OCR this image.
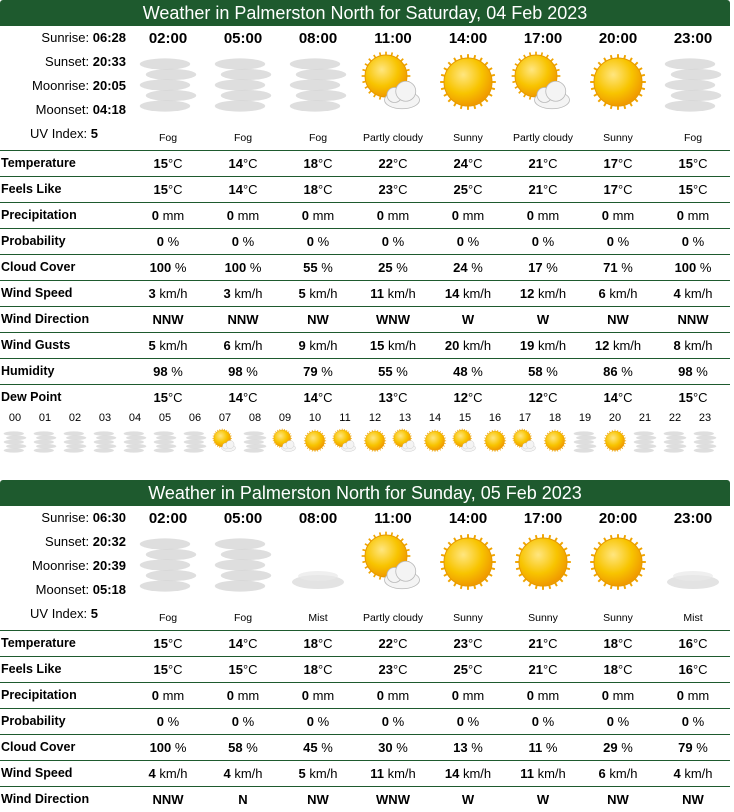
Weather in Palmerston North for Saturday, 04 Feb 2023
Sunrise: 06:28
Sunset: 20:33
Moonrise: 20:05
Moonset: 04:18
UV Index: 5
02:00
Fog
05:00
Fog
08:00
Fog
11:00
Partly cloudy
14:00
Sunny
17:00
Partly cloudy
20:00
Sunny
23:00
Fog
Temperature	15°C	14°C	18°C	22°C	24°C	21°C	17°C	15°C
Feels Like	15°C	14°C	18°C	23°C	25°C	21°C	17°C	15°C
Precipitation	0 mm	0 mm	0 mm	0 mm	0 mm	0 mm	0 mm	0 mm
Probability	0 %	0 %	0 %	0 %	0 %	0 %	0 %	0 %
Cloud Cover	100 %	100 %	55 %	25 %	24 %	17 %	71 %	100 %
Wind Speed	3 km/h	3 km/h	5 km/h	11 km/h	14 km/h	12 km/h	6 km/h	4 km/h
Wind Direction	NNW	NNW	NW	WNW	W	W	NW	NNW
Wind Gusts	5 km/h	6 km/h	9 km/h	15 km/h	20 km/h	19 km/h	12 km/h	8 km/h
Humidity	98 %	98 %	79 %	55 %	48 %	58 %	86 %	98 %
Dew Point	15°C	14°C	14°C	13°C	12°C	12°C	14°C	15°C
00	01	02	03	04	05	06	07	08	09	10	11	12	13	14	15	16	17	18	19	20	21	22	23
Weather in Palmerston North for Sunday, 05 Feb 2023
Sunrise: 06:30
Sunset: 20:32
Moonrise: 20:39
Moonset: 05:18
UV Index: 5
02:00
Fog
05:00
Fog
08:00
Mist
11:00
Partly cloudy
14:00
Sunny
17:00
Sunny
20:00
Sunny
23:00
Mist
Temperature	15°C	14°C	18°C	22°C	23°C	21°C	18°C	16°C
Feels Like	15°C	15°C	18°C	23°C	25°C	21°C	18°C	16°C
Precipitation	0 mm	0 mm	0 mm	0 mm	0 mm	0 mm	0 mm	0 mm
Probability	0 %	0 %	0 %	0 %	0 %	0 %	0 %	0 %
Cloud Cover	100 %	58 %	45 %	30 %	13 %	11 %	29 %	79 %
Wind Speed	4 km/h	4 km/h	5 km/h	11 km/h	14 km/h	11 km/h	6 km/h	4 km/h
Wind Direction	NNW	N	NW	WNW	W	W	NW	NW
